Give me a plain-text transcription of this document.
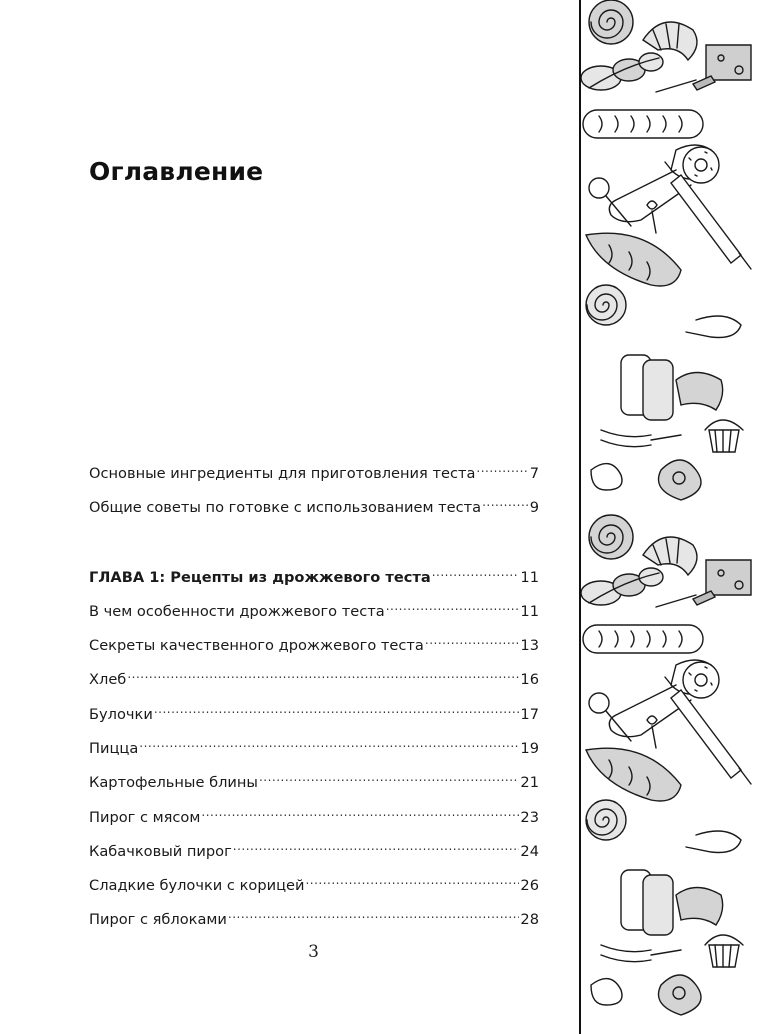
Оглавление
Основные ингредиенты для приготовления теста .....	7
Общие советы по готовке с использованием теста .....	9
ГЛАВА 1: Рецепты из дрожжевого теста .....	11
В чем особенности дрожжевого теста .....	11
Секреты качественного дрожжевого теста .....	13
Хлеб .....	16
Булочки .....	17
Пицца .....	19
Картофельные блины .....	21
Пирог с мясом .....	23
Кабачковый пирог .....	24
Сладкие булочки с корицей .....	26
Пирог с яблоками .....	28
3
